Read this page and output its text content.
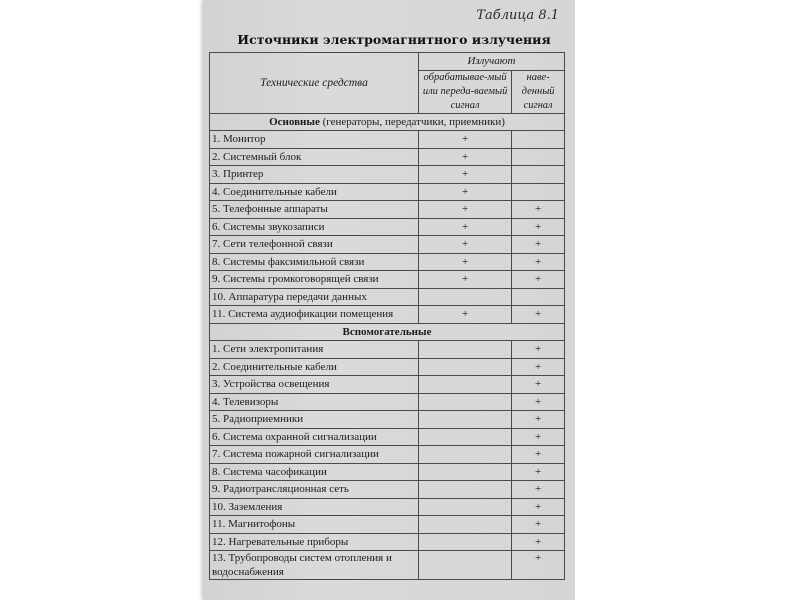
Таблица 8.1
Источники электромагнитного излучения
Технические средства	Излучают	
	обрабатывае-мый или переда-ваемый сигнал	наве-денный сигнал
Основные (генераторы, передатчики, приемники)		
1. Монитор	+	
2. Системный блок	+	
3. Принтер	+	
4. Соединительные кабели	+	
5. Телефонные аппараты	+	+
6. Системы звукозаписи	+	+
7. Сети телефонной связи	+	+
8. Системы факсимильной связи	+	+
9. Системы громкоговорящей связи	+	+
10. Аппаратура передачи данных		
11. Система аудиофикации помещения	+	+
Вспомогательные		
1. Сети электропитания		+
2. Соединительные кабели		+
3. Устройства освещения		+
4. Телевизоры		+
5. Радиоприемники		+
6. Система охранной сигнализации		+
7. Система пожарной сигнализации		+
8. Система часофикации		+
9. Радиотрансляционная сеть		+
10. Заземления		+
11. Магнитофоны		+
12. Нагревательные приборы		+
13. Трубопроводы систем отопления и водоснабжения		+
